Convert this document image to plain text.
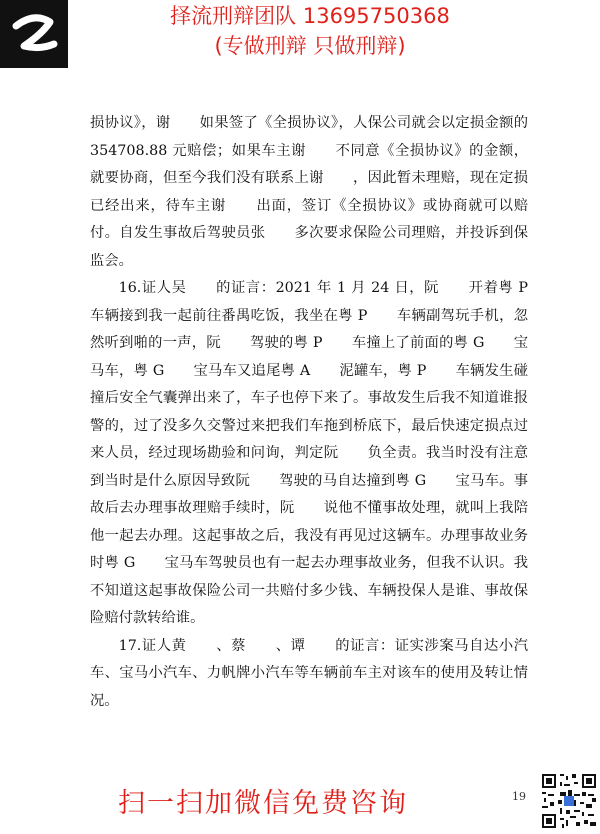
择流刑辩团队 13695750368
(专做刑辩 只做刑辩)

损协议》，谢　　如果签了《全损协议》，人保公司就会以定损金额的 354708.88 元赔偿；如果车主谢　　不同意《全损协议》的金额，就要协商，但至今我们没有联系上谢　　，因此暂未理赔，现在定损已经出来，待车主谢　　出面，签订《全损协议》或协商就可以赔付。自发生事故后驾驶员张　　多次要求保险公司理赔，并投诉到保监会。

16.证人吴　　的证言：2021 年 1 月 24 日，阮　　开着粤 P　　车辆接到我一起前往番禺吃饭，我坐在粤 P　　车辆副驾玩手机，忽然听到啪的一声，阮　　驾驶的粤 P　　车撞上了前面的粤 G　　宝马车，粤 G　　宝马车又追尾粤 A　　泥罐车，粤 P　　车辆发生碰撞后安全气囊弹出来了，车子也停下来了。事故发生后我不知道谁报警的，过了没多久交警过来把我们车拖到桥底下，最后快速定损点过来人员，经过现场勘验和问询，判定阮　　负全责。我当时没有注意到当时是什么原因导致阮　　驾驶的马自达撞到粤 G　　宝马车。事故后去办理事故理赔手续时，阮　　说他不懂事故处理，就叫上我陪他一起去办理。这起事故之后，我没有再见过这辆车。办理事故业务时粤 G　　宝马车驾驶员也有一起去办理事故业务，但我不认识。我不知道这起事故保险公司一共赔付多少钱、车辆投保人是谁、事故保险赔付款转给谁。

17.证人黄　　、蔡　　、谭　　的证言：证实涉案马自达小汽车、宝马小汽车、力帆牌小汽车等车辆前车主对该车的使用及转让情况。

19
扫一扫加微信免费咨询
